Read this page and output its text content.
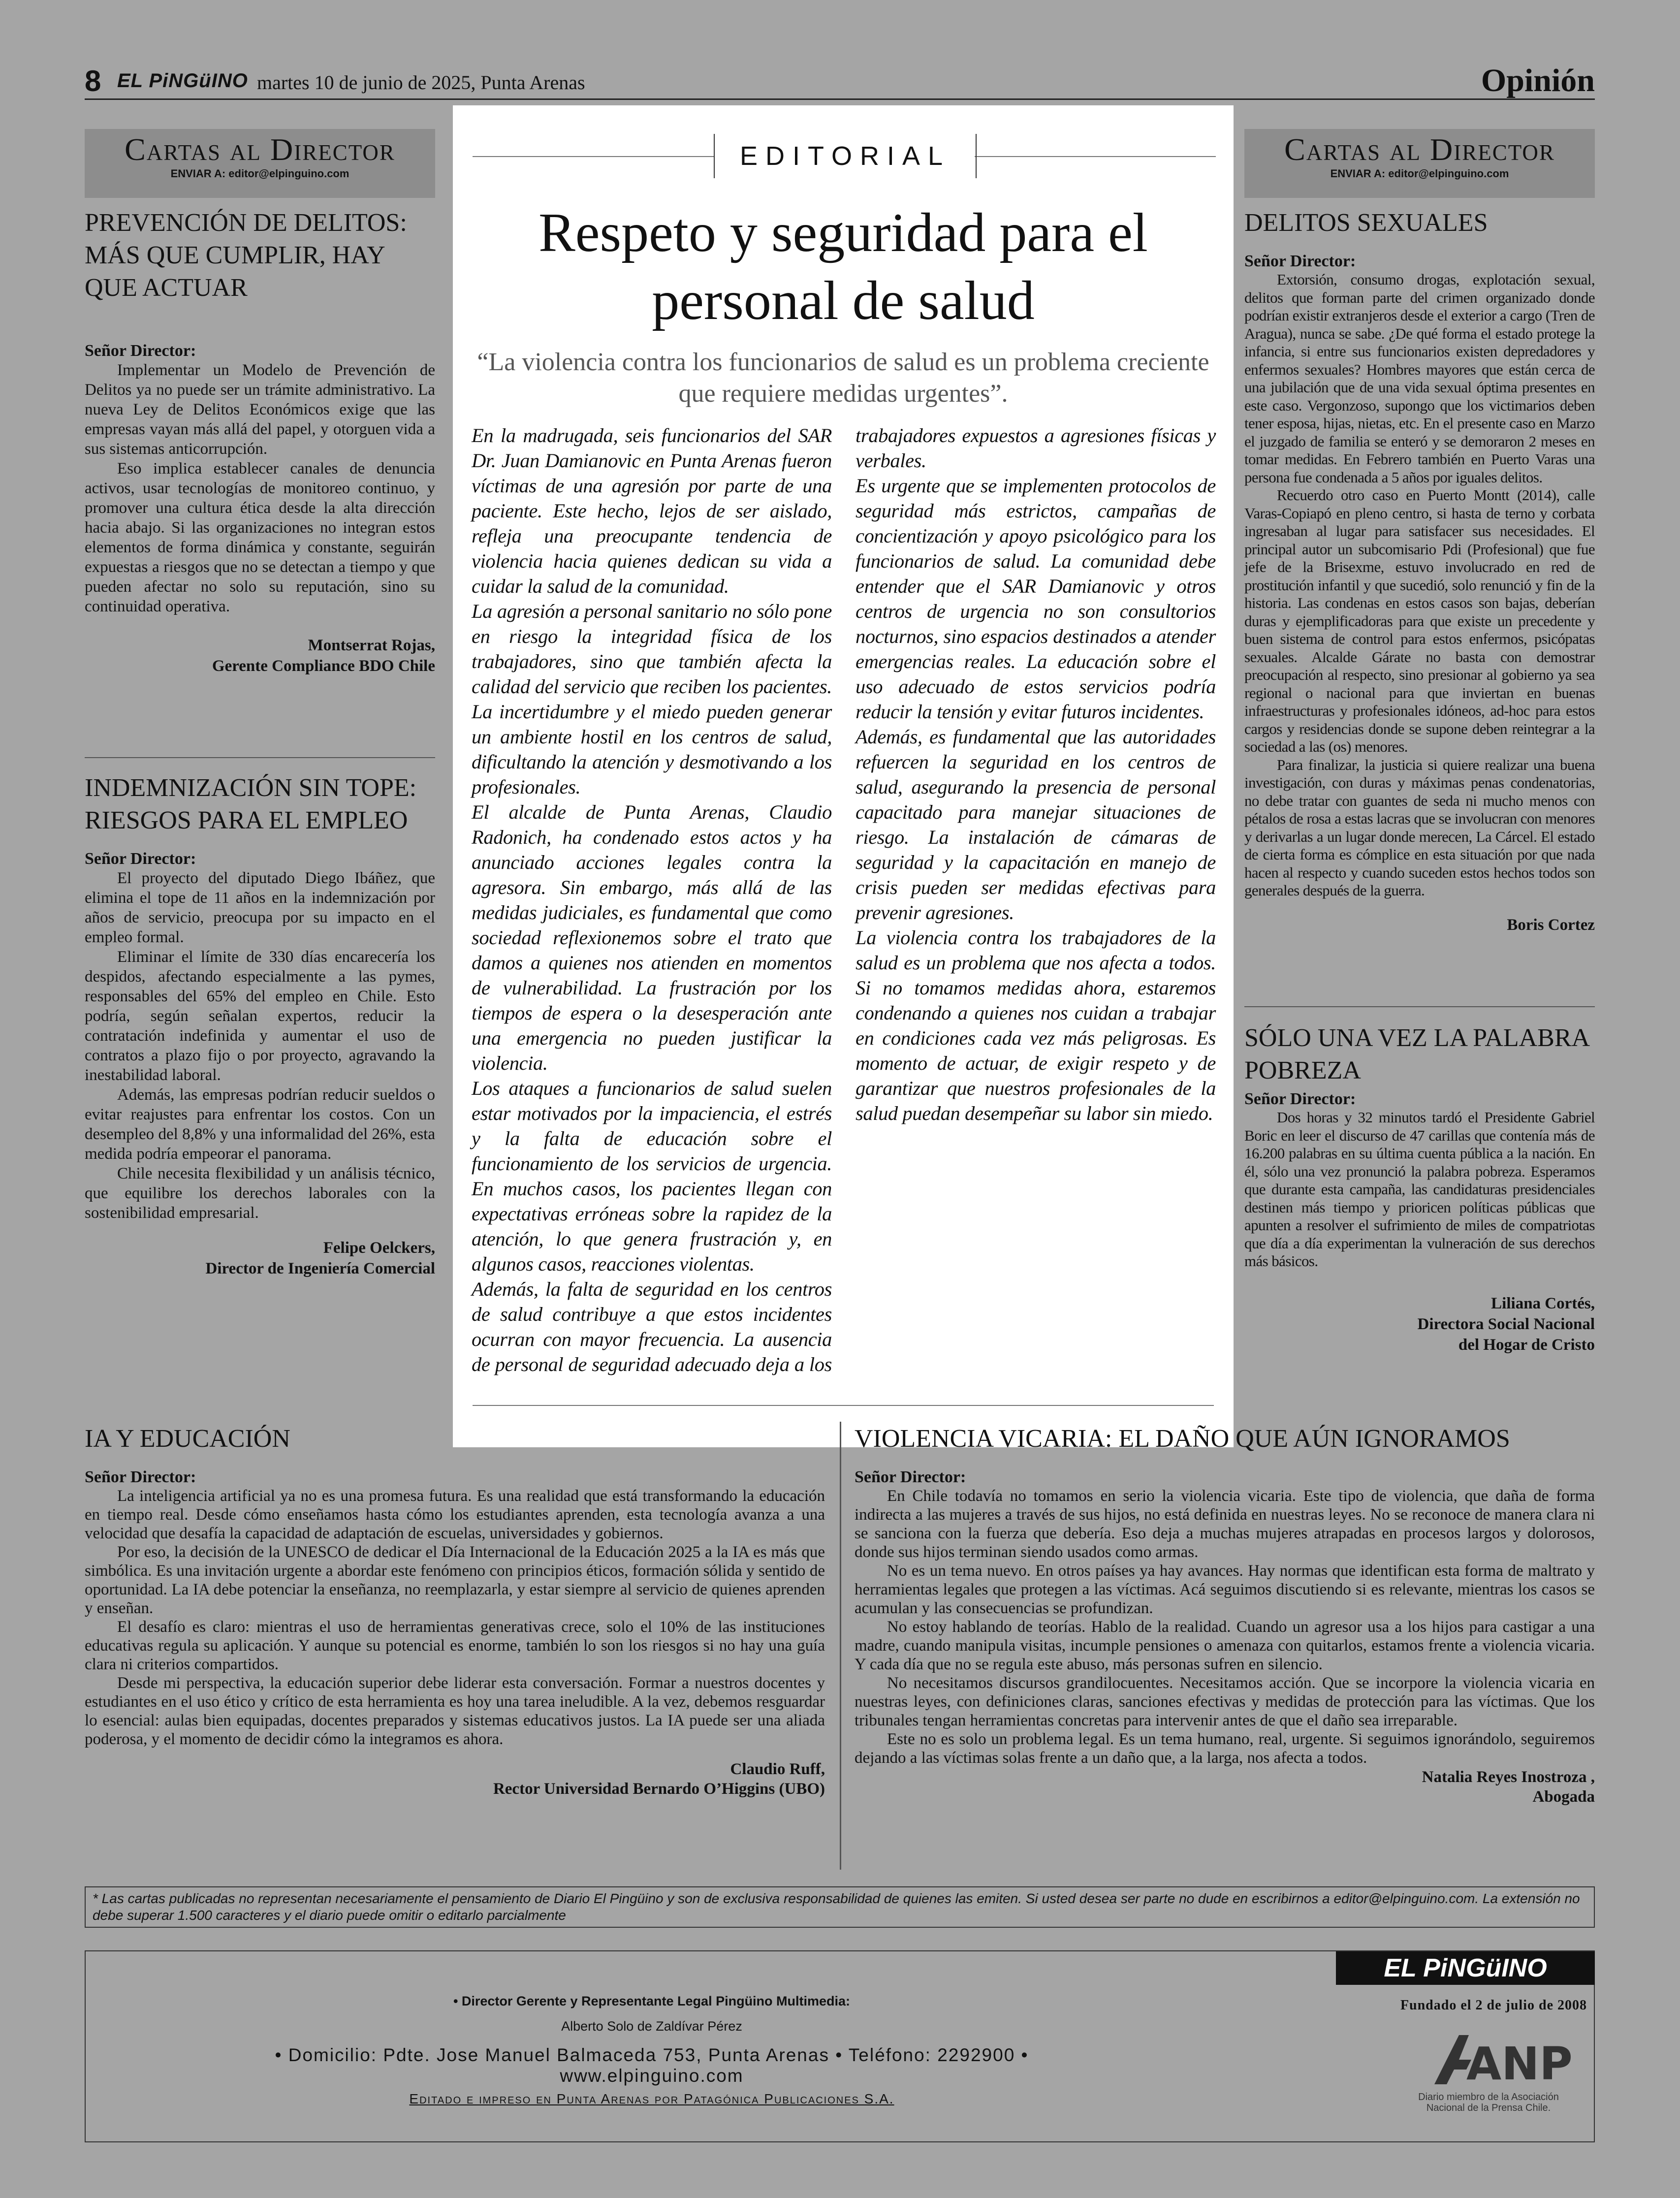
8 EL PiNGüINO martes 10 de junio de 2025, Punta Arenas	Opinión
Cartas al Director
ENVIAR A: editor@elpinguino.com
PREVENCIÓN DE DELITOS: MÁS QUE CUMPLIR, HAY QUE ACTUAR
Señor Director:

Implementar un Modelo de Prevención de Delitos ya no puede ser un trámite administrativo. La nueva Ley de Delitos Económicos exige que las empresas vayan más allá del papel, y otorguen vida a sus sistemas anticorrupción.

Eso implica establecer canales de denuncia activos, usar tecnologías de monitoreo continuo, y promover una cultura ética desde la alta dirección hacia abajo. Si las organizaciones no integran estos elementos de forma dinámica y constante, seguirán expuestas a riesgos que no se detectan a tiempo y que pueden afectar no solo su reputación, sino su continuidad operativa.

Montserrat Rojas,
Gerente Compliance BDO Chile
INDEMNIZACIÓN SIN TOPE: RIESGOS PARA EL EMPLEO
Señor Director:

El proyecto del diputado Diego Ibáñez, que elimina el tope de 11 años en la indemnización por años de servicio, preocupa por su impacto en el empleo formal.

Eliminar el límite de 330 días encarecería los despidos, afectando especialmente a las pymes, responsables del 65% del empleo en Chile. Esto podría, según señalan expertos, reducir la contratación indefinida y aumentar el uso de contratos a plazo fijo o por proyecto, agravando la inestabilidad laboral.

Además, las empresas podrían reducir sueldos o evitar reajustes para enfrentar los costos. Con un desempleo del 8,8% y una informalidad del 26%, esta medida podría empeorar el panorama.

Chile necesita flexibilidad y un análisis técnico, que equilibre los derechos laborales con la sostenibilidad empresarial.

Felipe Oelckers,
Director de Ingeniería Comercial
EDITORIAL
Respeto y seguridad para el personal de salud
“La violencia contra los funcionarios de salud es un problema creciente que requiere medidas urgentes”.

En la madrugada, seis funcionarios del SAR Dr. Juan Damianovic en Punta Arenas fueron víctimas de una agresión por parte de una paciente. Este hecho, lejos de ser aislado, refleja una preocupante tendencia de violencia hacia quienes dedican su vida a cuidar la salud de la comunidad.

La agresión a personal sanitario no sólo pone en riesgo la integridad física de los trabajadores, sino que también afecta la calidad del servicio que reciben los pacientes. La incertidumbre y el miedo pueden generar un ambiente hostil en los centros de salud, dificultando la atención y desmotivando a los profesionales.

El alcalde de Punta Arenas, Claudio Radonich, ha condenado estos actos y ha anunciado acciones legales contra la agresora. Sin embargo, más allá de las medidas judiciales, es fundamental que como sociedad reflexionemos sobre el trato que damos a quienes nos atienden en momentos de vulnerabilidad. La frustración por los tiempos de espera o la desesperación ante una emergencia no pueden justificar la violencia.

Los ataques a funcionarios de salud suelen estar motivados por la impaciencia, el estrés y la falta de educación sobre el funcionamiento de los servicios de urgencia. En muchos casos, los pacientes llegan con expectativas erróneas sobre la rapidez de la atención, lo que genera frustración y, en algunos casos, reacciones violentas.

Además, la falta de seguridad en los centros de salud contribuye a que estos incidentes ocurran con mayor frecuencia. La ausencia de personal de seguridad adecuado deja a los trabajadores expuestos a agresiones físicas y verbales.

Es urgente que se implementen protocolos de seguridad más estrictos, campañas de concientización y apoyo psicológico para los funcionarios de salud. La comunidad debe entender que el SAR Damianovic y otros centros de urgencia no son consultorios nocturnos, sino espacios destinados a atender emergencias reales. La educación sobre el uso adecuado de estos servicios podría reducir la tensión y evitar futuros incidentes.

Además, es fundamental que las autoridades refuercen la seguridad en los centros de salud, asegurando la presencia de personal capacitado para manejar situaciones de riesgo. La instalación de cámaras de seguridad y la capacitación en manejo de crisis pueden ser medidas efectivas para prevenir agresiones.

La violencia contra los trabajadores de la salud es un problema que nos afecta a todos. Si no tomamos medidas ahora, estaremos condenando a quienes nos cuidan a trabajar en condiciones cada vez más peligrosas. Es momento de actuar, de exigir respeto y de garantizar que nuestros profesionales de la salud puedan desempeñar su labor sin miedo.

Cartas al Director
ENVIAR A: editor@elpinguino.com
DELITOS SEXUALES
Señor Director:

Extorsión, consumo drogas, explotación sexual, delitos que forman parte del crimen organizado donde podrían existir extranjeros desde el exterior a cargo (Tren de Aragua), nunca se sabe. ¿De qué forma el estado protege la infancia, si entre sus funcionarios existen depredadores y enfermos sexuales? Hombres mayores que están cerca de una jubilación que de una vida sexual óptima presentes en este caso. Vergonzoso, supongo que los victimarios deben tener esposa, hijas, nietas, etc. En el presente caso en Marzo el juzgado de familia se enteró y se demoraron 2 meses en tomar medidas. En Febrero también en Puerto Varas una persona fue condenada a 5 años por iguales delitos.

Recuerdo otro caso en Puerto Montt (2014), calle Varas-Copiapó en pleno centro, si hasta de terno y corbata ingresaban al lugar para satisfacer sus necesidades. El principal autor un subcomisario Pdi (Profesional) que fue jefe de la Brisexme, estuvo involucrado en red de prostitución infantil y que sucedió, solo renunció y fin de la historia. Las condenas en estos casos son bajas, deberían duras y ejemplificadoras para que existe un precedente y buen sistema de control para estos enfermos, psicópatas sexuales. Alcalde Gárate no basta con demostrar preocupación al respecto, sino presionar al gobierno ya sea regional o nacional para que inviertan en buenas infraestructuras y profesionales idóneos, ad-hoc para estos cargos y residencias donde se supone deben reintegrar a la sociedad a las (os) menores.

Para finalizar, la justicia si quiere realizar una buena investigación, con duras y máximas penas condenatorias, no debe tratar con guantes de seda ni mucho menos con pétalos de rosa a estas lacras que se involucran con menores y derivarlas a un lugar donde merecen, La Cárcel. El estado de cierta forma es cómplice en esta situación por que nada hacen al respecto y cuando suceden estos hechos todos son generales después de la guerra.

Boris Cortez
SÓLO UNA VEZ LA PALABRA POBREZA
Señor Director:

Dos horas y 32 minutos tardó el Presidente Gabriel Boric en leer el discurso de 47 carillas que contenía más de 16.200 palabras en su última cuenta pública a la nación. En él, sólo una vez pronunció la palabra pobreza. Esperamos que durante esta campaña, las candidaturas presidenciales destinen más tiempo y prioricen políticas públicas que apunten a resolver el sufrimiento de miles de compatriotas que día a día experimentan la vulneración de sus derechos más básicos.

Liliana Cortés,
Directora Social Nacional
del Hogar de Cristo
IA Y EDUCACIÓN
Señor Director:

La inteligencia artificial ya no es una promesa futura. Es una realidad que está transformando la educación en tiempo real. Desde cómo enseñamos hasta cómo los estudiantes aprenden, esta tecnología avanza a una velocidad que desafía la capacidad de adaptación de escuelas, universidades y gobiernos.

Por eso, la decisión de la UNESCO de dedicar el Día Internacional de la Educación 2025 a la IA es más que simbólica. Es una invitación urgente a abordar este fenómeno con principios éticos, formación sólida y sentido de oportunidad. La IA debe potenciar la enseñanza, no reemplazarla, y estar siempre al servicio de quienes aprenden y enseñan.

El desafío es claro: mientras el uso de herramientas generativas crece, solo el 10% de las instituciones educativas regula su aplicación. Y aunque su potencial es enorme, también lo son los riesgos si no hay una guía clara ni criterios compartidos.

Desde mi perspectiva, la educación superior debe liderar esta conversación. Formar a nuestros docentes y estudiantes en el uso ético y crítico de esta herramienta es hoy una tarea ineludible. A la vez, debemos resguardar lo esencial: aulas bien equipadas, docentes preparados y sistemas educativos justos. La IA puede ser una aliada poderosa, y el momento de decidir cómo la integramos es ahora.

Claudio Ruff,
Rector Universidad Bernardo O’Higgins (UBO)
VIOLENCIA VICARIA: EL DAÑO QUE AÚN IGNORAMOS
Señor Director:

En Chile todavía no tomamos en serio la violencia vicaria. Este tipo de violencia, que daña de forma indirecta a las mujeres a través de sus hijos, no está definida en nuestras leyes. No se reconoce de manera clara ni se sanciona con la fuerza que debería. Eso deja a muchas mujeres atrapadas en procesos largos y dolorosos, donde sus hijos terminan siendo usados como armas.

No es un tema nuevo. En otros países ya hay avances. Hay normas que identifican esta forma de maltrato y herramientas legales que protegen a las víctimas. Acá seguimos discutiendo si es relevante, mientras los casos se acumulan y las consecuencias se profundizan.

No estoy hablando de teorías. Hablo de la realidad. Cuando un agresor usa a los hijos para castigar a una madre, cuando manipula visitas, incumple pensiones o amenaza con quitarlos, estamos frente a violencia vicaria. Y cada día que no se regula este abuso, más personas sufren en silencio.

No necesitamos discursos grandilocuentes. Necesitamos acción. Que se incorpore la violencia vicaria en nuestras leyes, con definiciones claras, sanciones efectivas y medidas de protección para las víctimas. Que los tribunales tengan herramientas concretas para intervenir antes de que el daño sea irreparable.

Este no es solo un problema legal. Es un tema humano, real, urgente. Si seguimos ignorándolo, seguiremos dejando a las víctimas solas frente a un daño que, a la larga, nos afecta a todos.

Natalia Reyes Inostroza ,
Abogada
* Las cartas publicadas no representan necesariamente el pensamiento de Diario El Pingüino y son de exclusiva responsabilidad de quienes las emiten. Si usted desea ser parte no dude en escribirnos a editor@elpinguino.com. La extensión no debe superar 1.500 caracteres y el diario puede omitir o editarlo parcialmente
• Director Gerente y Representante Legal Pingüino Multimedia:
Alberto Solo de Zaldívar Pérez
• Domicilio: Pdte. Jose Manuel Balmaceda 753, Punta Arenas • Teléfono: 2292900 • www.elpinguino.com
Editado e impreso en Punta Arenas por Patagónica Publicaciones S.A.
EL PiNGüINO
Fundado el 2 de julio de 2008
ANP
Diario miembro de la Asociación Nacional de la Prensa Chile.
